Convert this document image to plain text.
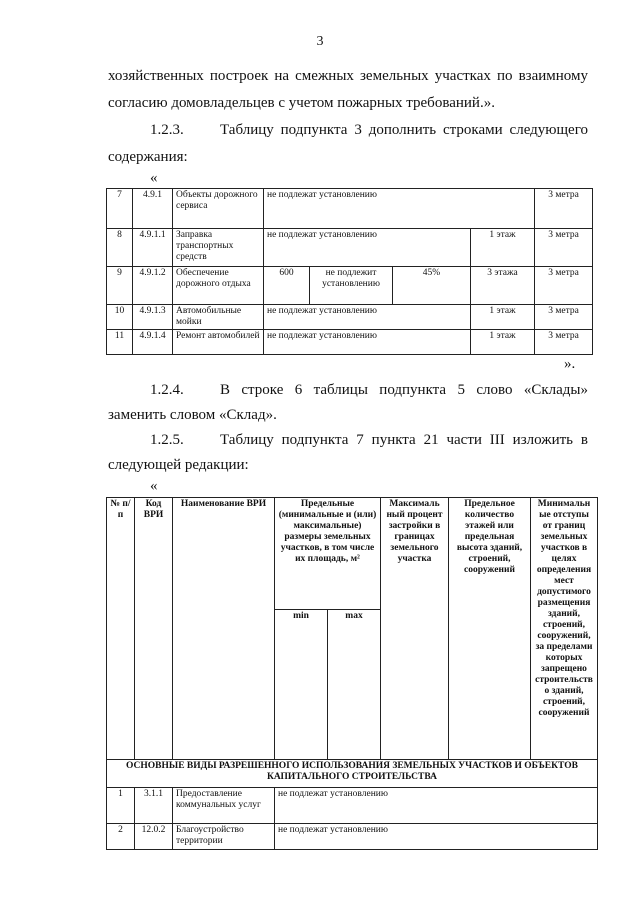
3
хозяйственных построек на смежных земельных участках по взаимному
согласию домовладельцев с учетом пожарных требований.».
1.2.3. Таблицу подпункта 3 дополнить строками следующего
содержания:
«
7	4.9.1	Объекты дорожного сервиса	не подлежат установлению				3 метра
8	4.9.1.1	Заправка транспортных средств	не подлежат установлению			1 этаж	3 метра
9	4.9.1.2	Обеспечение дорожного отдыха	600	не подлежит установлению	45%	3 этажа	3 метра
10	4.9.1.3	Автомобильные мойки	не подлежат установлению			1 этаж	3 метра
11	4.9.1.4	Ремонт автомобилей	не подлежат установлению			1 этаж	3 метра
».
1.2.4. В строке 6 таблицы подпункта 5 слово «Склады»
заменить словом «Склад».
1.2.5. Таблицу подпункта 7 пункта 21 части III изложить в
следующей редакции:
«
№ п/п	Код ВРИ	Наименование ВРИ	Предельные (минимальные и (или) максимальные) размеры земельных участков, в том числе их площадь, м²		Максималь ный процент застройки в границах земельного участка	Предельное количество этажей или предельная высота зданий, строений, сооружений	Минимальн ые отступы от границ земельных участков в целях определения мест допустимого размещения зданий, строений, сооружений, за пределами которых запрещено строительств о зданий, строений, сооружений
			min	max			
ОСНОВНЫЕ ВИДЫ РАЗРЕШЕННОГО ИСПОЛЬЗОВАНИЯ ЗЕМЕЛЬНЫХ УЧАСТКОВ И ОБЪЕКТОВ КАПИТАЛЬНОГО СТРОИТЕЛЬСТВА							
1	3.1.1	Предоставление коммунальных услуг	не подлежат установлению				
2	12.0.2	Благоустройство территории	не подлежат установлению				
